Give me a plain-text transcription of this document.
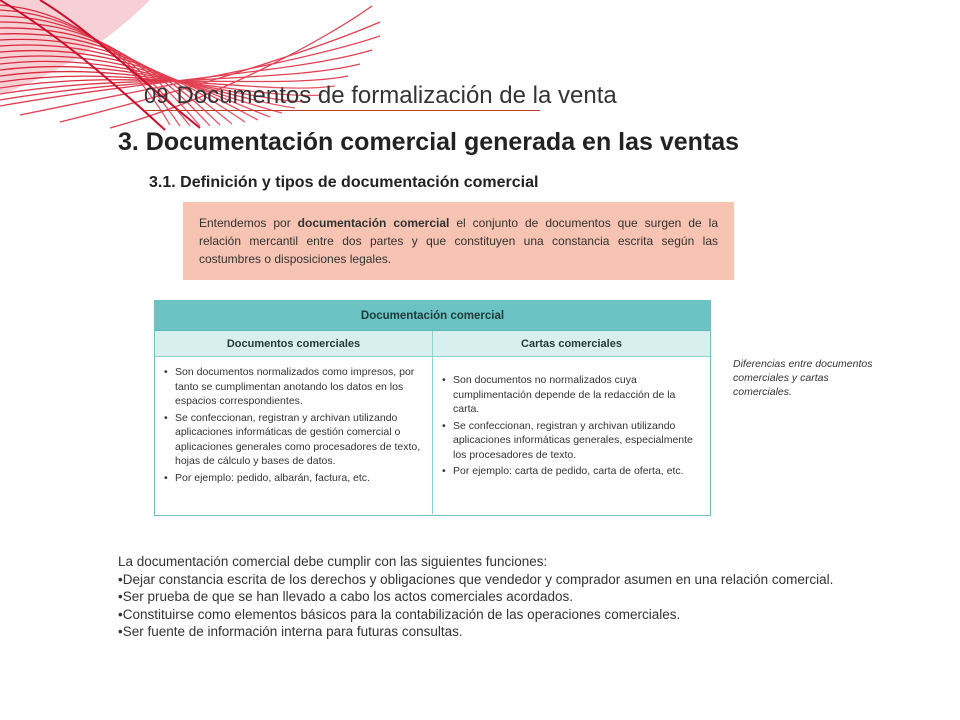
09 Documentos de formalización de la venta
3. Documentación comercial generada en las ventas
3.1. Definición y tipos de documentación comercial
Entendemos por documentación comercial el conjunto de documentos que surgen de la relación mercantil entre dos partes y que constituyen una constancia escrita según las costumbres o disposiciones legales.
Documentación comercial
Documentos comerciales	Cartas comerciales
• Son documentos normalizados como impresos, por tanto se cumplimentan anotando los datos en los espacios correspondientes.
• Se confeccionan, registran y archivan utilizando aplicaciones informáticas de gestión comercial o aplicaciones generales como procesadores de texto, hojas de cálculo y bases de datos.
• Por ejemplo: pedido, albarán, factura, etc.
• Son documentos no normalizados cuya cumplimentación depende de la redacción de la carta.
• Se confeccionan, registran y archivan utilizando aplicaciones informáticas generales, especialmente los procesadores de texto.
• Por ejemplo: carta de pedido, carta de oferta, etc.
Diferencias entre documentos comerciales y cartas comerciales.
La documentación comercial debe cumplir con las siguientes funciones:
•Dejar constancia escrita de los derechos y obligaciones que vendedor y comprador asumen en una relación comercial.
•Ser prueba de que se han llevado a cabo los actos comerciales acordados.
•Constituirse como elementos básicos para la contabilización de las operaciones comerciales.
•Ser fuente de información interna para futuras consultas.
